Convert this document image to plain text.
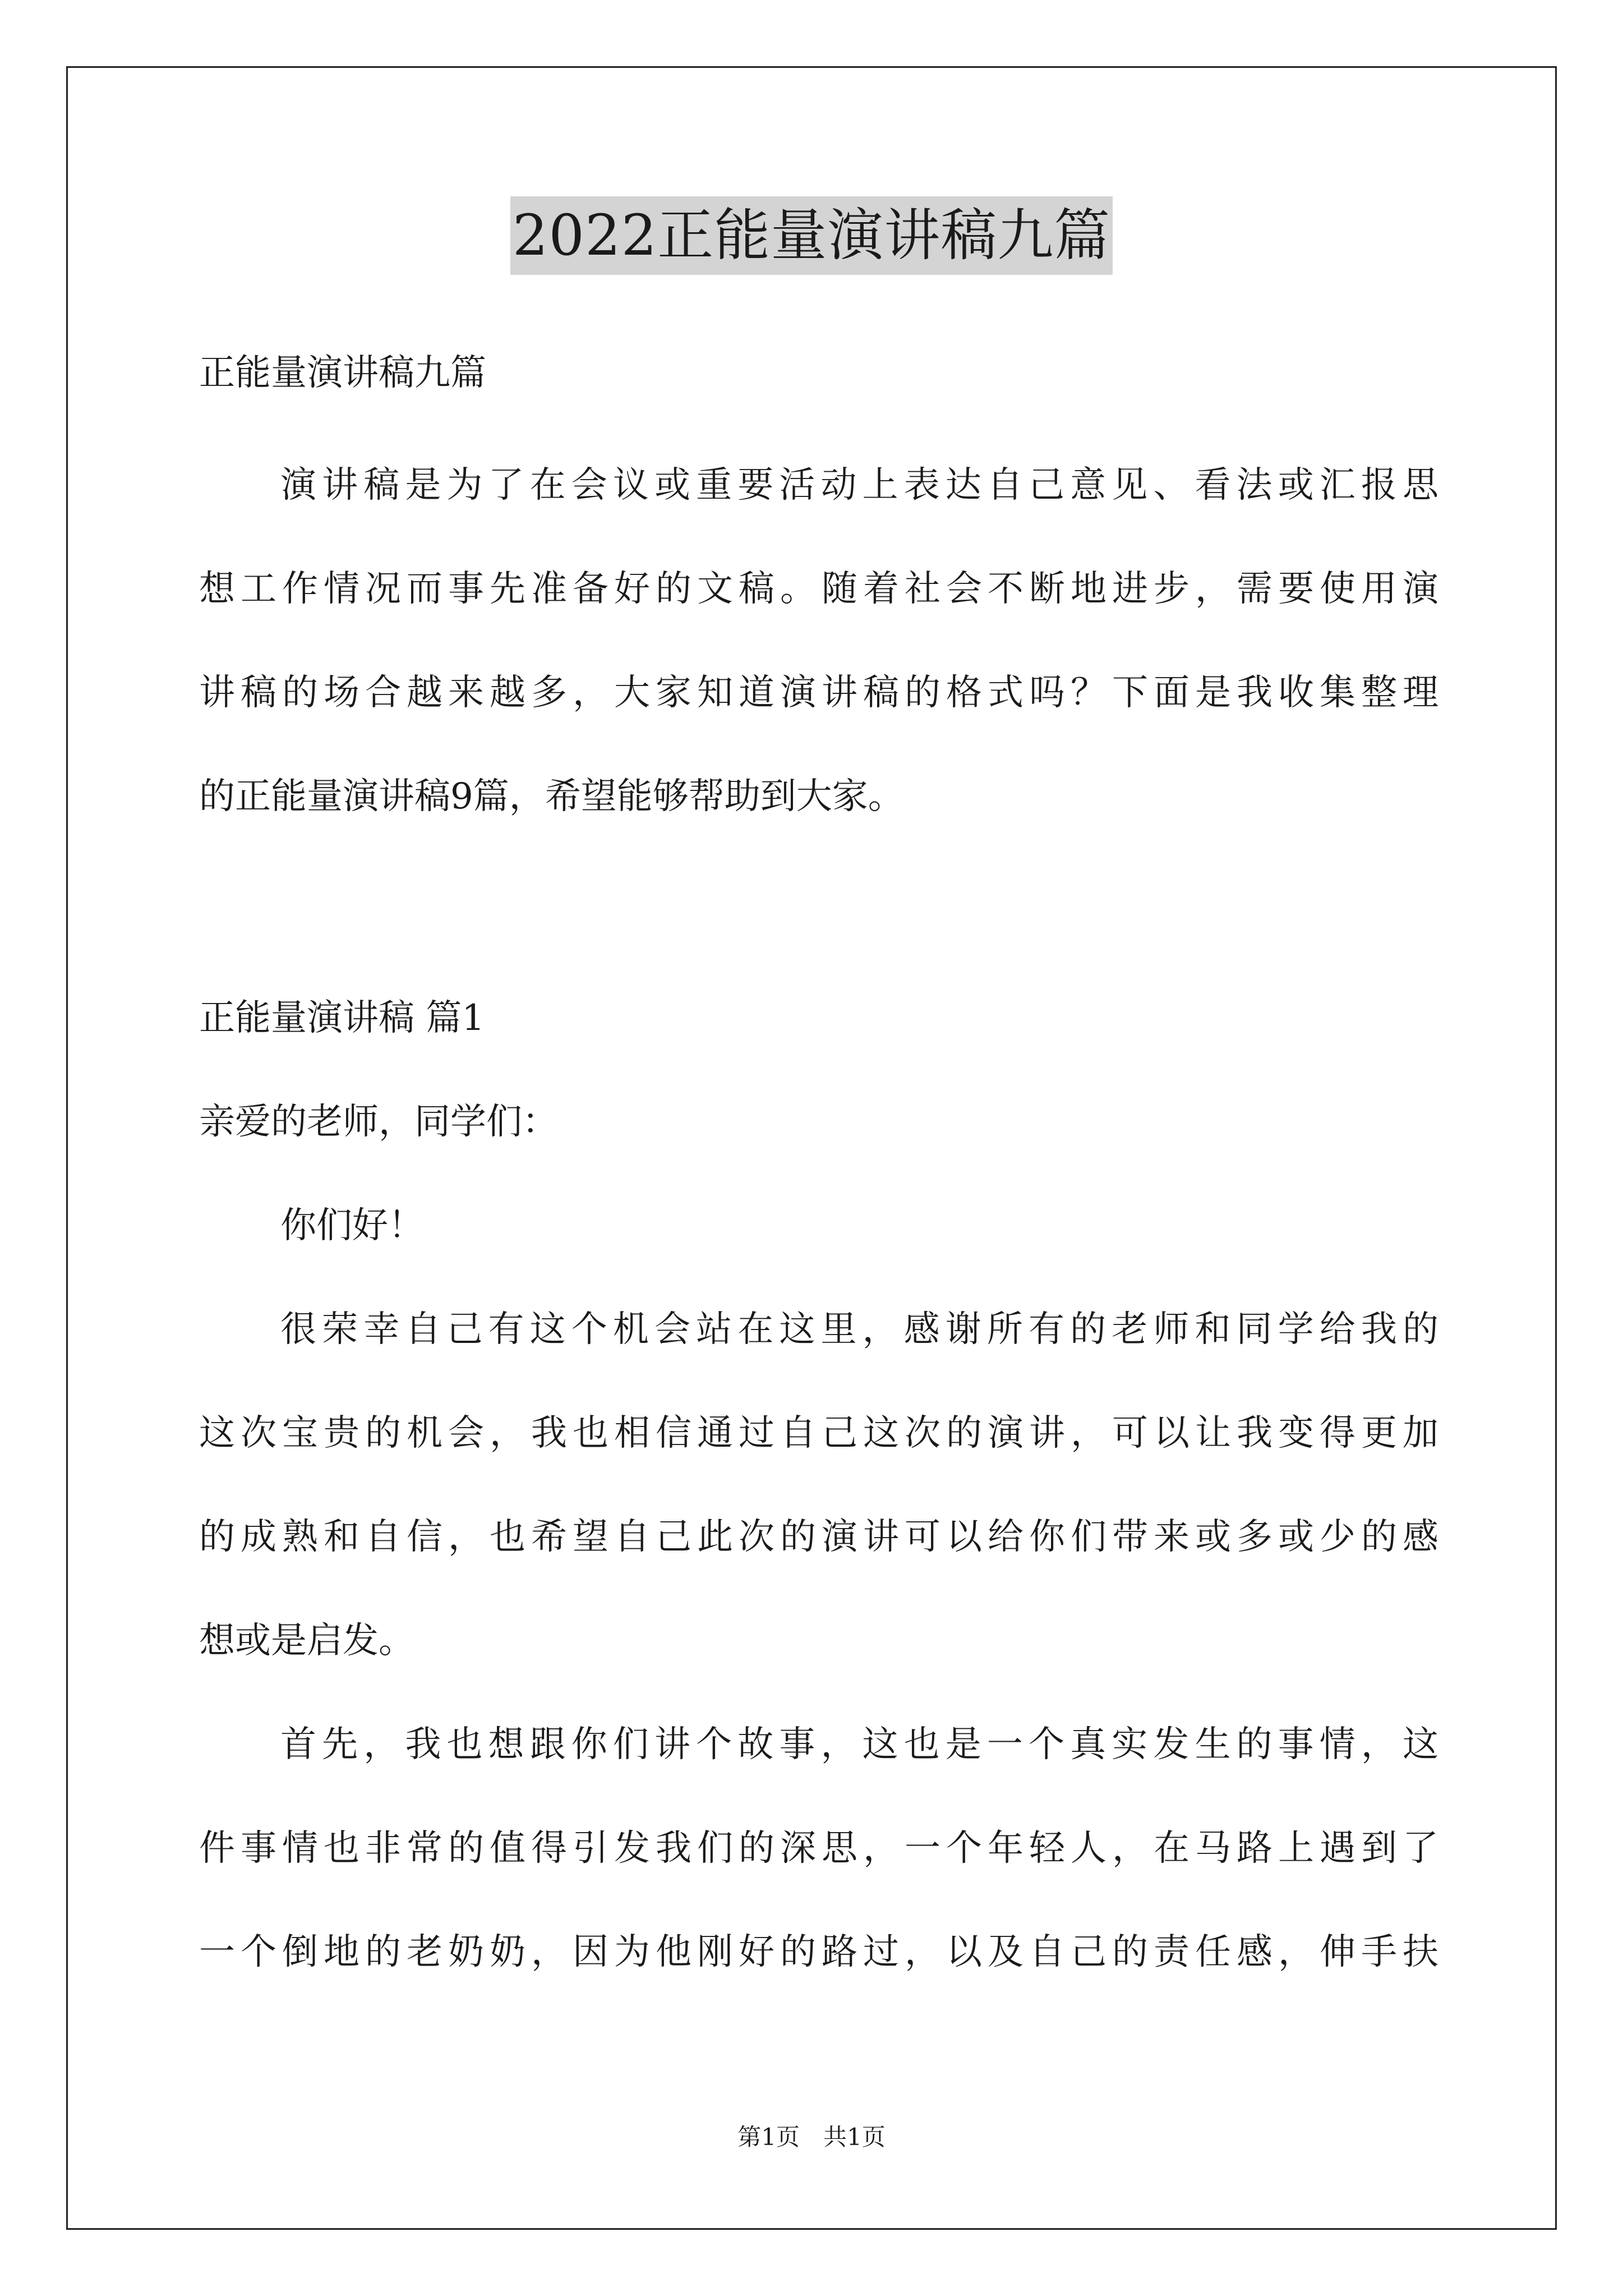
2022正能量演讲稿九篇
正能量演讲稿九篇
演讲稿是为了在会议或重要活动上表达自己意见、看法或汇报思
想工作情况而事先准备好的文稿。随着社会不断地进步，需要使用演
讲稿的场合越来越多，大家知道演讲稿的格式吗？下面是我收集整理
的正能量演讲稿9篇，希望能够帮助到大家。
正能量演讲稿 篇1
亲爱的老师，同学们：
你们好！
很荣幸自己有这个机会站在这里，感谢所有的老师和同学给我的
这次宝贵的机会，我也相信通过自己这次的演讲，可以让我变得更加
的成熟和自信，也希望自己此次的演讲可以给你们带来或多或少的感
想或是启发。
首先，我也想跟你们讲个故事，这也是一个真实发生的事情，这
件事情也非常的值得引发我们的深思，一个年轻人，在马路上遇到了
一个倒地的老奶奶，因为他刚好的路过，以及自己的责任感，伸手扶
第1页　共1页
